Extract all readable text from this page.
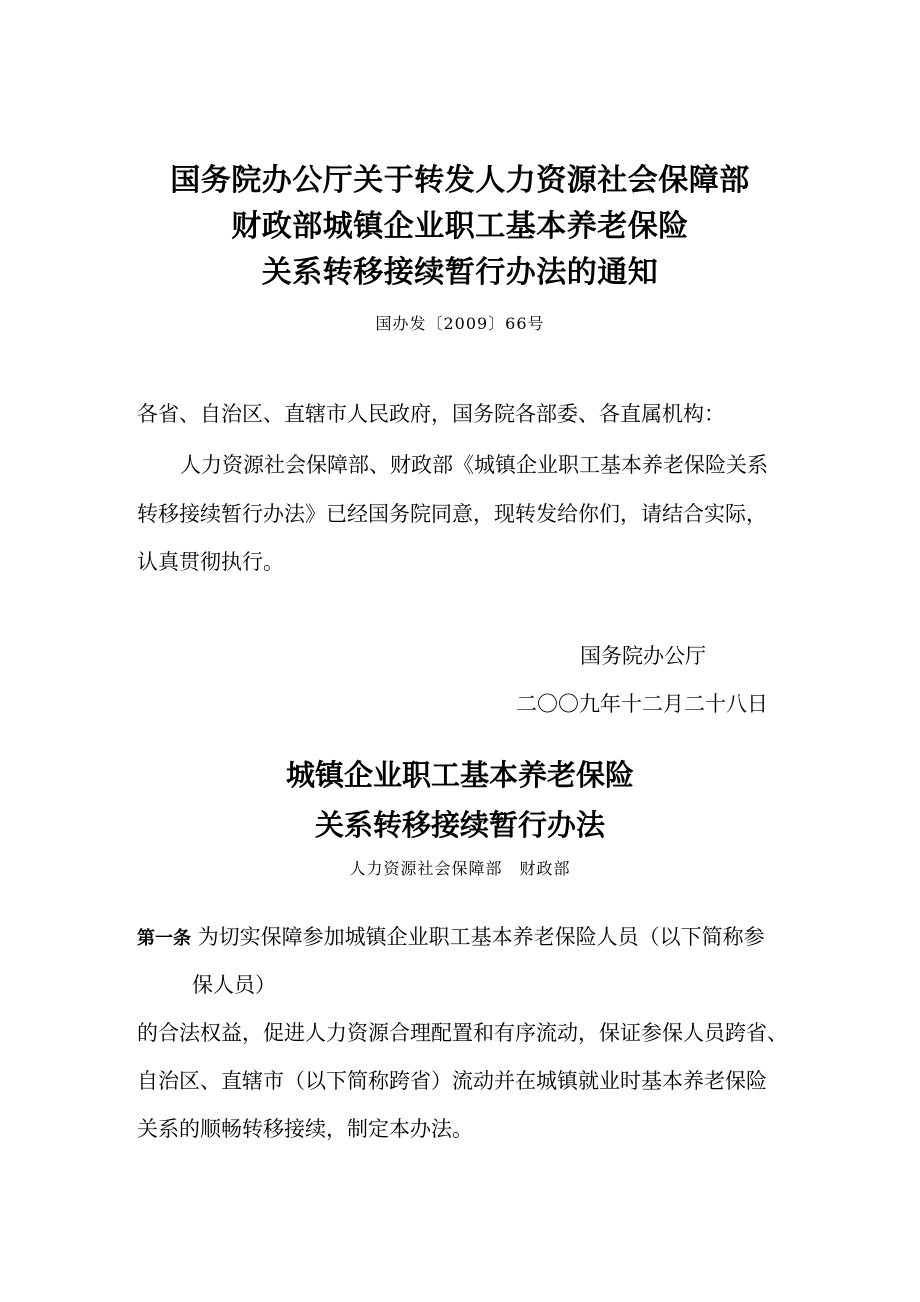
国务院办公厅关于转发人力资源社会保障部
财政部城镇企业职工基本养老保险
关系转移接续暂行办法的通知
国办发〔2009〕66号
各省、自治区、直辖市人民政府，国务院各部委、各直属机构：
人力资源社会保障部、财政部《城镇企业职工基本养老保险关系
转移接续暂行办法》已经国务院同意，现转发给你们，请结合实际，
认真贯彻执行。
国务院办公厅
二〇〇九年十二月二十八日
城镇企业职工基本养老保险
关系转移接续暂行办法
人力资源社会保障部　财政部
第一条 为切实保障参加城镇企业职工基本养老保险人员（以下简称参
保人员）
的合法权益，促进人力资源合理配置和有序流动，保证参保人员跨省、
自治区、直辖市（以下简称跨省）流动并在城镇就业时基本养老保险
关系的顺畅转移接续，制定本办法。
